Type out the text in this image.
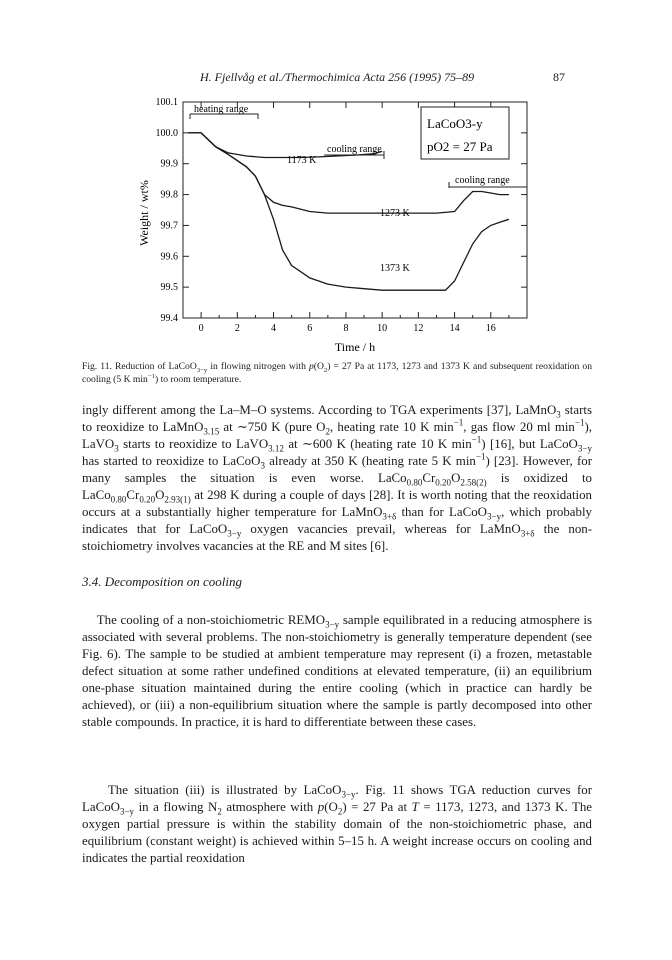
H. Fjellvåg et al./Thermochimica Acta 256 (1995) 75–89	87
0	2	4	6	8	10	12	14	16
100.1
100.0
99.9
99.8
99.7
99.6
99.5
99.4
Time / h
Weight / wt%
heating range
LaCoO3-y
pO2 = 27 Pa
cooling range
cooling range
1173 K
1273 K
1373 K
Fig. 11. Reduction of LaCoO$_{3-y}$ in flowing nitrogen with $p(O_2) = 27$ Pa at 1173, 1273 and 1373 K and subsequent reoxidation on cooling (5 K $\min^{-1}$) to room temperature.

ingly different among the La–M–O systems. According to TGA experiments [37], LaMnO$_3$ starts to reoxidize to LaMnO$_{3.15}$ at ∼750 K (pure $O_2$, heating rate 10 K $\min^{-1}$, gas flow 20 ml $\min^{-1}$), LaVO$_3$ starts to reoxidize to LaVO$_{3.12}$ at ∼600 K (heating rate 10 K $\min^{-1}$) [16], but LaCoO$_{3-y}$ has started to reoxidize to LaCoO$_3$ already at 350 K (heating rate 5 K $\min^{-1}$) [23]. However, for many samples the situation is even worse. $LaCo_{0.80}Cr_{0.20}O_{2.58(2)}$ is oxidized to $LaCo_{0.80}Cr_{0.20}O_{2.93(1)}$ at 298 K during a couple of days [28]. It is worth noting that the reoxidation occurs at a substantially higher temperature for LaMnO$_{3+\delta}$ than for LaCoO$_{3-y}$, which probably indicates that for LaCoO$_{3-y}$ oxygen vacancies prevail, whereas for LaMnO$_{3+\delta}$ the non-stoichiometry involves vacancies at the RE and M sites [6].

3.4. Decomposition on cooling

The cooling of a non-stoichiometric $REMO_{3-y}$ sample equilibrated in a reducing atmosphere is associated with several problems. The non-stoichiometry is generally temperature dependent (see Fig. 6). The sample to be studied at ambient temperature may represent (i) a frozen, metastable defect situation at some rather undefined conditions at elevated temperature, (ii) an equilibrium one-phase situation maintained during the entire cooling (which in practice can hardly be achieved), or (iii) a non-equilibrium situation where the sample is partly decomposed into other stable compounds. In practice, it is hard to differentiate between these cases.

The situation (iii) is illustrated by LaCoO$_{3-y}$. Fig. 11 shows TGA reduction curves for LaCoO$_{3-y}$ in a flowing $N_2$ atmosphere with $p(O_2) = 27$ Pa at T = 1173, 1273, and 1373 K. The oxygen partial pressure is within the stability domain of the non-stoichiometric phase, and equilibrium (constant weight) is achieved within 5–15 h. A weight increase occurs on cooling and indicates the partial reoxidation
